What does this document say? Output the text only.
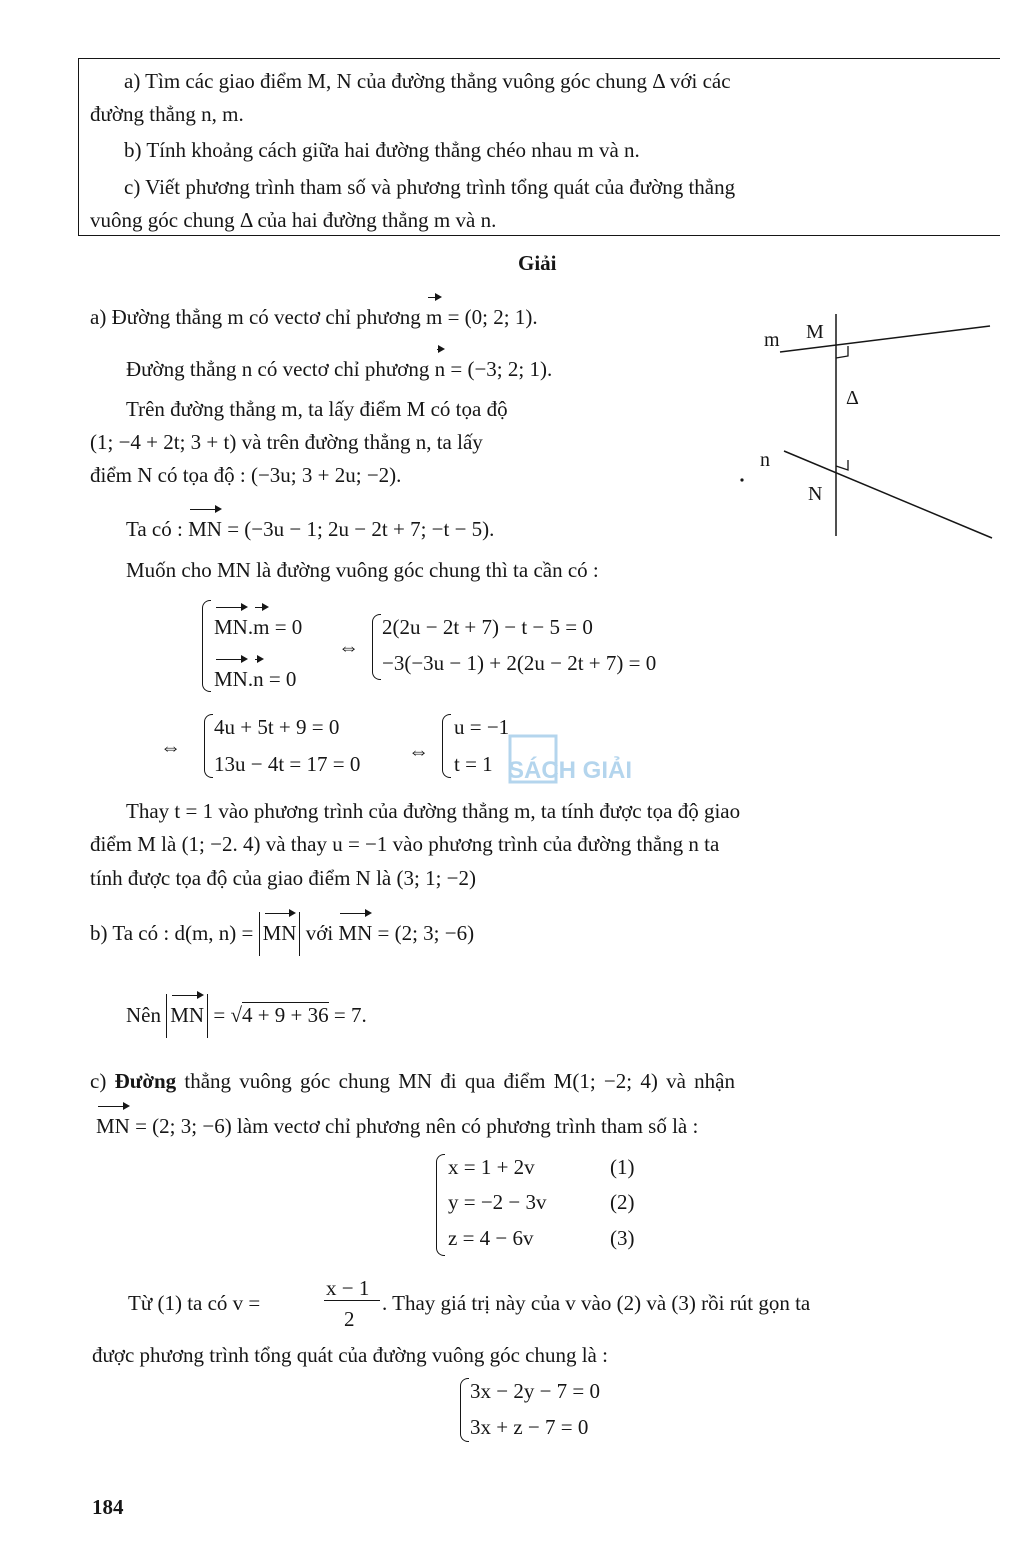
a) Tìm các giao điểm M, N của đường thẳng vuông góc chung Δ với các
đường thẳng n, m.
b) Tính khoảng cách giữa hai đường thẳng chéo nhau m và n.
c) Viết phương trình tham số và phương trình tổng quát của đường thẳng
vuông góc chung Δ của hai đường thẳng m và n.
Giải
a) Đường thẳng m có vectơ chỉ phương m = (0; 2; 1).
Đường thẳng n có vectơ chỉ phương n = (−3; 2; 1).
Trên đường thẳng m, ta lấy điểm M có tọa độ
(1; −4 + 2t; 3 + t) và trên đường thẳng n, ta lấy
điểm N có tọa độ : (−3u; 3 + 2u; −2).
m M
Δ
n
N
Ta có : MN = (−3u − 1; 2u − 2t + 7; −t − 5).
Muốn cho MN là đường vuông góc chung thì ta cần có :
MN.m = 0
MN.n = 0
⇔
2(2u − 2t + 7) − t − 5 = 0
−3(−3u − 1) + 2(2u − 2t + 7) = 0
⇔
4u + 5t + 9 = 0
13u − 4t = 17 = 0
⇔
u = −1
t = 1 SÁCH GIẢI
Thay t = 1 vào phương trình của đường thẳng m, ta tính được tọa độ giao
điểm M là (1; −2. 4) và thay u = −1 vào phương trình của đường thẳng n ta
tính được tọa độ của giao điểm N là (3; 1; −2)
b) Ta có : d(m, n) = MN với MN = (2; 3; −6)
Nên MN = √4 + 9 + 36 = 7.
c) Đường thẳng vuông góc chung MN đi qua điểm M(1; −2; 4) và nhận
MN = (2; 3; −6) làm vectơ chỉ phương nên có phương trình tham số là :
x = 1 + 2v	(1)
y = −2 − 3v	(2)
z = 4 − 6v	(3)
Từ (1) ta có v =
x − 1
2
. Thay giá trị này của v vào (2) và (3) rồi rút gọn ta
được phương trình tổng quát của đường vuông góc chung là :
3x − 2y − 7 = 0
3x + z − 7 = 0
184
